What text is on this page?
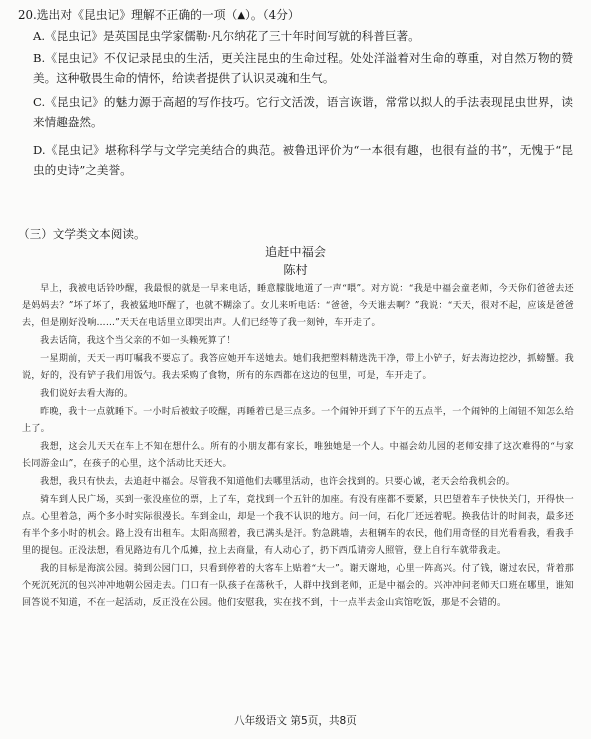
20.选出对《昆虫记》理解不正确的一项（▲）。（4分）
A.《昆虫记》是英国昆虫学家儒勒·凡尔纳花了三十年时间写就的科普巨著。
B.《昆虫记》不仅记录昆虫的生活，更关注昆虫的生命过程。处处洋溢着对生命的尊重，对自然万物的赞美。这种敬畏生命的情怀，给读者提供了认识灵魂和生气。
C.《昆虫记》的魅力源于高超的写作技巧。它行文活泼，语言诙谐，常常以拟人的手法表现昆虫世界，读来情趣盎然。
D.《昆虫记》堪称科学与文学完美结合的典范。被鲁迅评价为“一本很有趣，也很有益的书”，无愧于“昆虫的史诗”之美誉。
（三）文学类文本阅读。
追赶中福会
陈村
早上，我被电话铃吵醒，我最恨的就是一早来电话，睡意朦胧地道了一声“喂”。对方说：“我是中福会童老师，今天你们爸爸去还是妈妈去？”坏了坏了，我被猛地吓醒了，也就不糊涂了。女儿来听电话：“爸爸，今天谁去啊？”我说：“天天，很对不起，应该是爸爸去，但是刚好没响……”天天在电话里立即哭出声。人们已经等了我一刻钟，车开走了。
我去话筒，我这个当父亲的不如一头赖死算了！
一星期前，天天一再叮嘱我不要忘了。我答应她开车送她去。她们我把塑料精选洗干净，带上小铲子，好去海边挖沙，抓螃蟹。我说，好的，没有铲子我们用饭勺。我去采购了食物，所有的东西都在这边的包里，可是，车开走了。
我们说好去看大海的。
昨晚，我十一点就睡下。一小时后被蚊子咬醒，再睡着已是三点多。一个闹钟开到了下午的五点半，一个闹钟的上闹钮不知怎么给上了。
我想，这会儿天天在车上不知在想什么。所有的小朋友都有家长，唯独她是一个人。中福会幼儿园的老师安排了这次难得的“与家长同游金山”，在孩子的心里，这个活动比天还大。
我想，我只有快去，去追赶中福会。尽管我不知道他们去哪里活动，也许会找到的。只要心诚，老天会给我机会的。
骑车到人民广场，买到一张没座位的票，上了车，竟找到一个五针的加座。有没有座都不要紧，只巴望着车子快快关门，开得快一点。心里着急，两个多小时实际很漫长。车到金山，却是一个我不认识的地方。问一问，石化厂还远着呢。换我估计的时间表，最多还有半个多小时的机会。路上没有出租车。太阳高照着，我已满头是汗。豹急跳墙，去租辆车的农民，他们用奇怪的目光看看我，看我手里的提包。正没法想，看见路边有几个瓜摊，拉上去商量，有人动心了，扔下西瓜请旁人照管，登上自行车就带我走。
我的目标是海滨公园。骑到公园门口，只看到停着的大客车上贴着“大一”。谢天谢地，心里一阵高兴。付了钱，谢过农民，背着那个死沉死沉的包兴冲冲地朝公园走去。门口有一队孩子在荡秋千，人群中找到老师，正是中福会的。兴冲冲问老师天口班在哪里，谁知回答说不知道，不在一起活动，反正没在公园。他们安慰我，实在找不到，十一点半去金山宾馆吃饭，那是不会错的。
八年级语文 第5页，共8页
